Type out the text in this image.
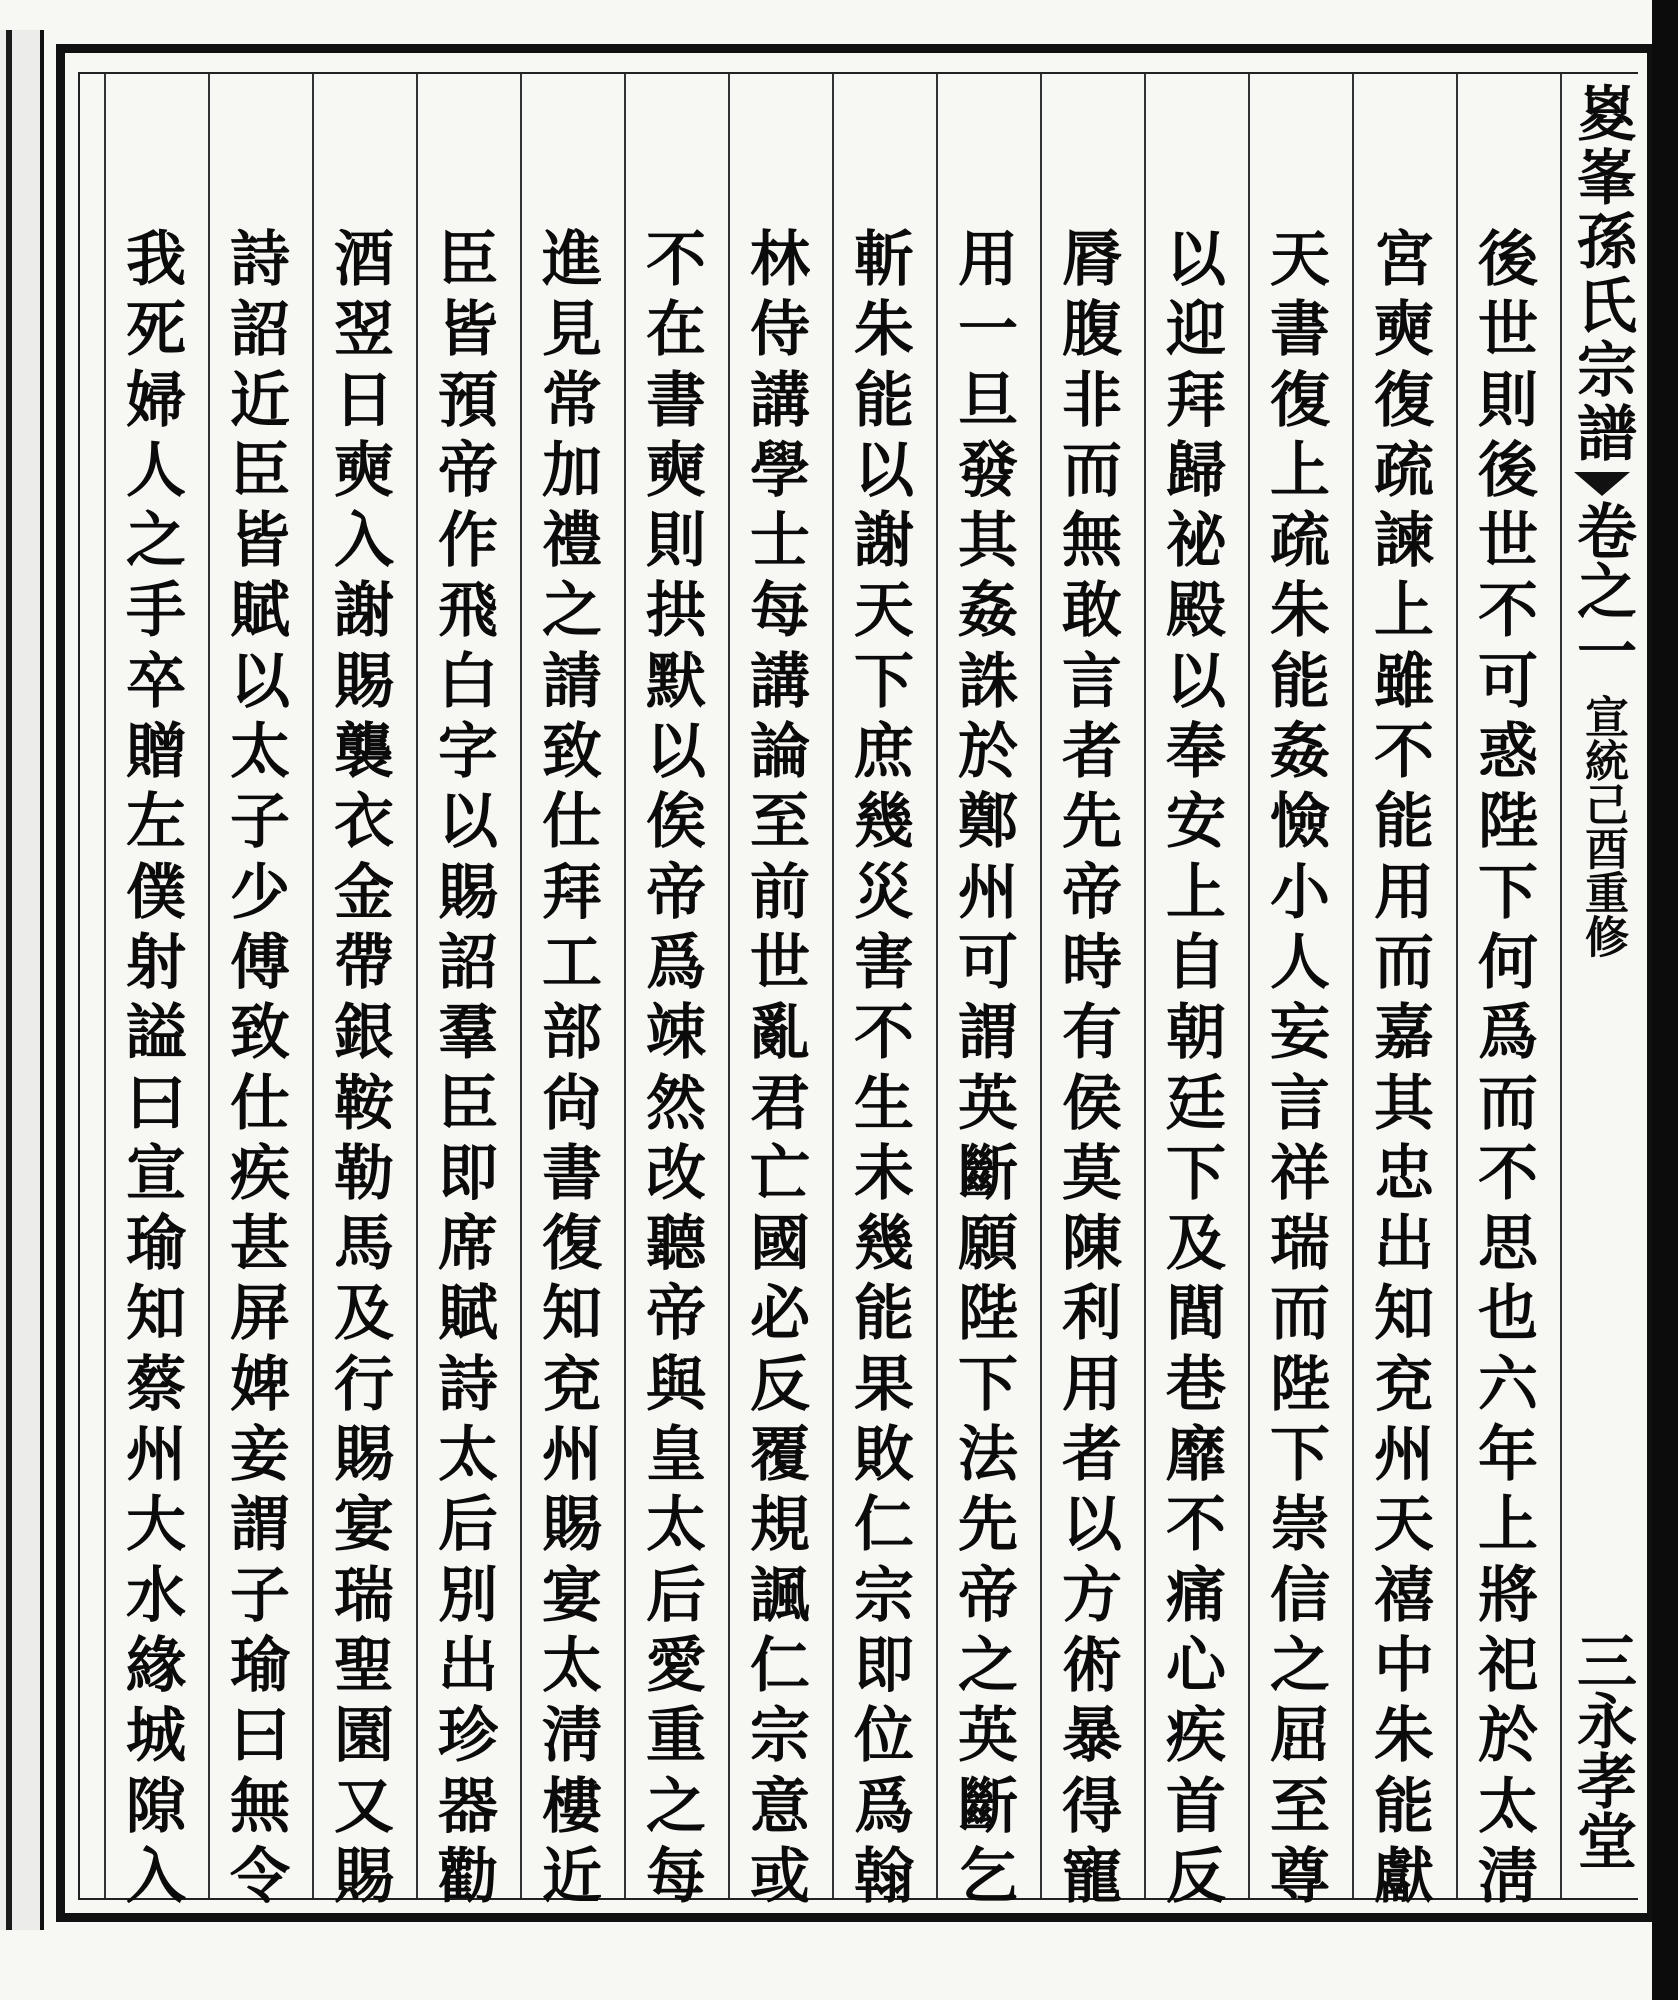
後
世
則
後
世
不
可
惑
陛
下
何
爲
而
不
思
也
六
年
上
將
祀
於
太
淸
宮
奭
復
疏
諫
上
雖
不
能
用
而
嘉
其
忠
出
知
兗
州
天
禧
中
朱
能
獻
天
書
復
上
疏
朱
能
姦
憸
小
人
妄
言
祥
瑞
而
陛
下
崇
信
之
屈
至
尊
以
迎
拜
歸
祕
殿
以
奉
安
上
自
朝
廷
下
及
閭
巷
靡
不
痛
心
疾
首
反
脣
腹
非
而
無
敢
言
者
先
帝
時
有
侯
莫
陳
利
用
者
以
方
術
暴
得
寵
用
一
旦
發
其
姦
誅
於
鄭
州
可
謂
英
斷
願
陛
下
法
先
帝
之
英
斷
乞
斬
朱
能
以
謝
天
下
庶
幾
災
害
不
生
未
幾
能
果
敗
仁
宗
即
位
爲
翰
林
侍
講
學
士
每
講
論
至
前
世
亂
君
亡
國
必
反
覆
規
諷
仁
宗
意
或
不
在
書
奭
則
拱
默
以
俟
帝
爲
竦
然
改
聽
帝
與
皇
太
后
愛
重
之
每
進
見
常
加
禮
之
請
致
仕
拜
工
部
尙
書
復
知
兗
州
賜
宴
太
淸
樓
近
臣
皆
預
帝
作
飛
白
字
以
賜
詔
羣
臣
即
席
賦
詩
太
后
別
出
珍
器
勸
酒
翌
日
奭
入
謝
賜
襲
衣
金
帶
銀
鞍
勒
馬
及
行
賜
宴
瑞
聖
園
又
賜
詩
詔
近
臣
皆
賦
以
太
子
少
傅
致
仕
疾
甚
屏
婢
妾
謂
子
瑜
曰
無
令
我
死
婦
人
之
手
卒
贈
左
僕
射
謚
曰
宣
瑜
知
蔡
州
大
水
緣
城
隙
入
嵏峯孫氏宗譜
卷之一
宣統己酉重修
三永孝堂
